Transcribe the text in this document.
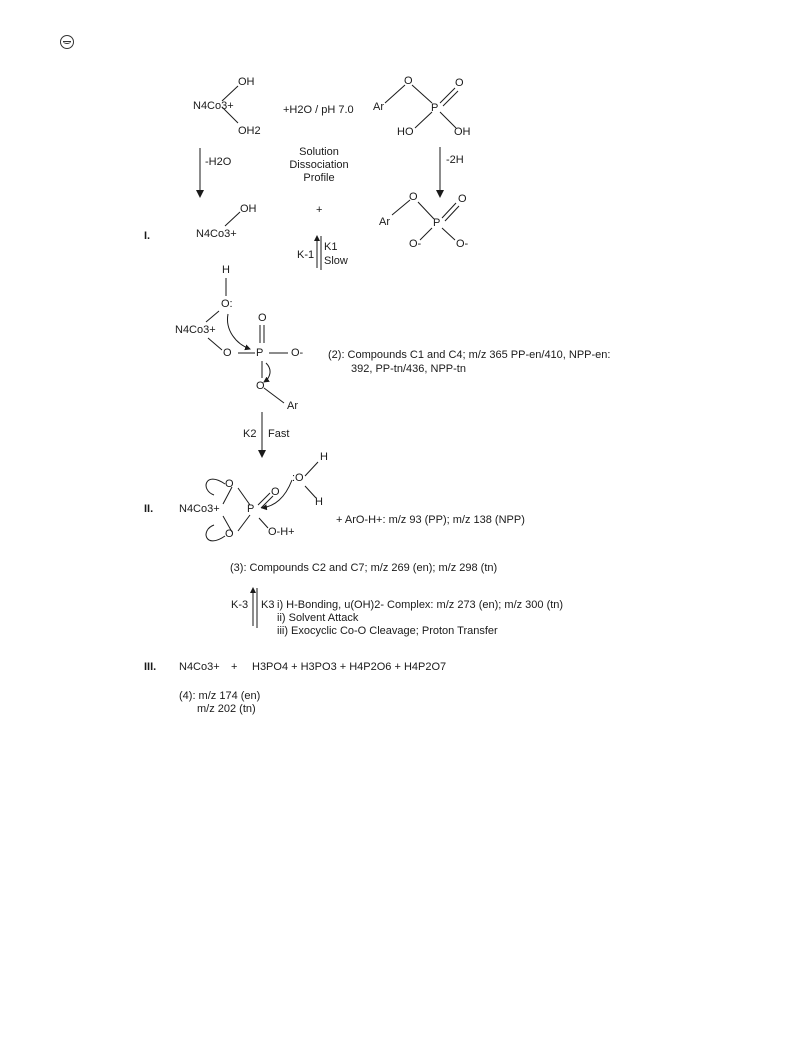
OH
N4Co3+
OH2
+H2O / pH 7.0 Ar
O	O
P
HO	OH
-H2O
Solution Dissociation Profile
-2H
I.
OH
N4Co3+
+
Ar
O	O
P
O-	O-
K1
K-1 Slow
H
O:
N4Co3+
O
O P	O-
O
Ar
(2): Compounds C1 and C4; m/z 365 PP-en/410, NPP-en:
392, PP-tn/436, NPP-tn
K2 Fast
II. N4Co3+
O
O
P
O
:O
H
H
O-H+
+ ArO-H+: m/z 93 (PP); m/z 138 (NPP)
(3): Compounds C2 and C7; m/z 269 (en); m/z 298 (tn)
K-3 K3 i) H-Bonding, u(OH)2- Complex: m/z 273 (en); m/z 300 (tn)
ii) Solvent Attack
iii) Exocyclic Co-O Cleavage; Proton Transfer
III. N4Co3+ + H3PO4 + H3PO3 + H4P2O6 + H4P2O7
(4): m/z 174 (en)
m/z 202 (tn)
